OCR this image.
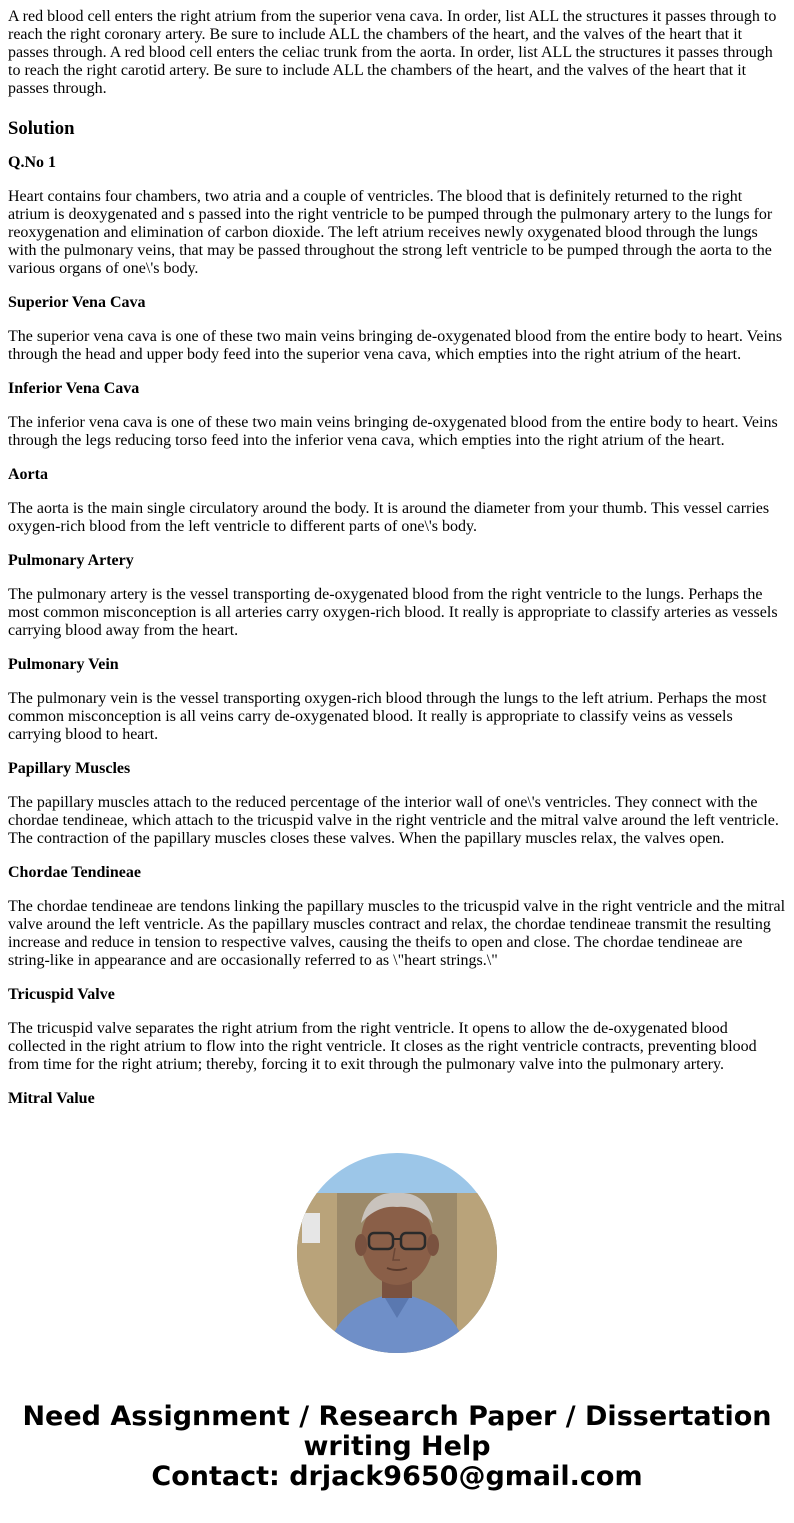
A red blood cell enters the right atrium from the superior vena cava. In order, list ALL the structures it passes through to reach the right coronary artery. Be sure to include ALL the chambers of the heart, and the valves of the heart that it passes through. A red blood cell enters the celiac trunk from the aorta. In order, list ALL the structures it passes through to reach the right carotid artery. Be sure to include ALL the chambers of the heart, and the valves of the heart that it passes through.

Solution

Q.No 1

Heart contains four chambers, two atria and a couple of ventricles. The blood that is definitely returned to the right atrium is deoxygenated and s passed into the right ventricle to be pumped through the pulmonary artery to the lungs for reoxygenation and elimination of carbon dioxide. The left atrium receives newly oxygenated blood through the lungs with the pulmonary veins, that may be passed throughout the strong left ventricle to be pumped through the aorta to the various organs of one\'s body.

Superior Vena Cava

The superior vena cava is one of these two main veins bringing de-oxygenated blood from the entire body to heart. Veins through the head and upper body feed into the superior vena cava, which empties into the right atrium of the heart.

Inferior Vena Cava

The inferior vena cava is one of these two main veins bringing de-oxygenated blood from the entire body to heart. Veins through the legs reducing torso feed into the inferior vena cava, which empties into the right atrium of the heart.

Aorta

The aorta is the main single circulatory around the body. It is around the diameter from your thumb. This vessel carries oxygen-rich blood from the left ventricle to different parts of one\'s body.

Pulmonary Artery

The pulmonary artery is the vessel transporting de-oxygenated blood from the right ventricle to the lungs. Perhaps the most common misconception is all arteries carry oxygen-rich blood. It really is appropriate to classify arteries as vessels carrying blood away from the heart.

Pulmonary Vein

The pulmonary vein is the vessel transporting oxygen-rich blood through the lungs to the left atrium. Perhaps the most common misconception is all veins carry de-oxygenated blood. It really is appropriate to classify veins as vessels carrying blood to heart.

Papillary Muscles

The papillary muscles attach to the reduced percentage of the interior wall of one\'s ventricles. They connect with the chordae tendineae, which attach to the tricuspid valve in the right ventricle and the mitral valve around the left ventricle. The contraction of the papillary muscles closes these valves. When the papillary muscles relax, the valves open.

Chordae Tendineae

The chordae tendineae are tendons linking the papillary muscles to the tricuspid valve in the right ventricle and the mitral valve around the left ventricle. As the papillary muscles contract and relax, the chordae tendineae transmit the resulting increase and reduce in tension to respective valves, causing the theifs to open and close. The chordae tendineae are string-like in appearance and are occasionally referred to as \"heart strings.\"

Tricuspid Valve

The tricuspid valve separates the right atrium from the right ventricle. It opens to allow the de-oxygenated blood collected in the right atrium to flow into the right ventricle. It closes as the right ventricle contracts, preventing blood from time for the right atrium; thereby, forcing it to exit through the pulmonary valve into the pulmonary artery.

Mitral Value

Need Assignment / Research Paper / Dissertation
writing Help
Contact: drjack9650@gmail.com
